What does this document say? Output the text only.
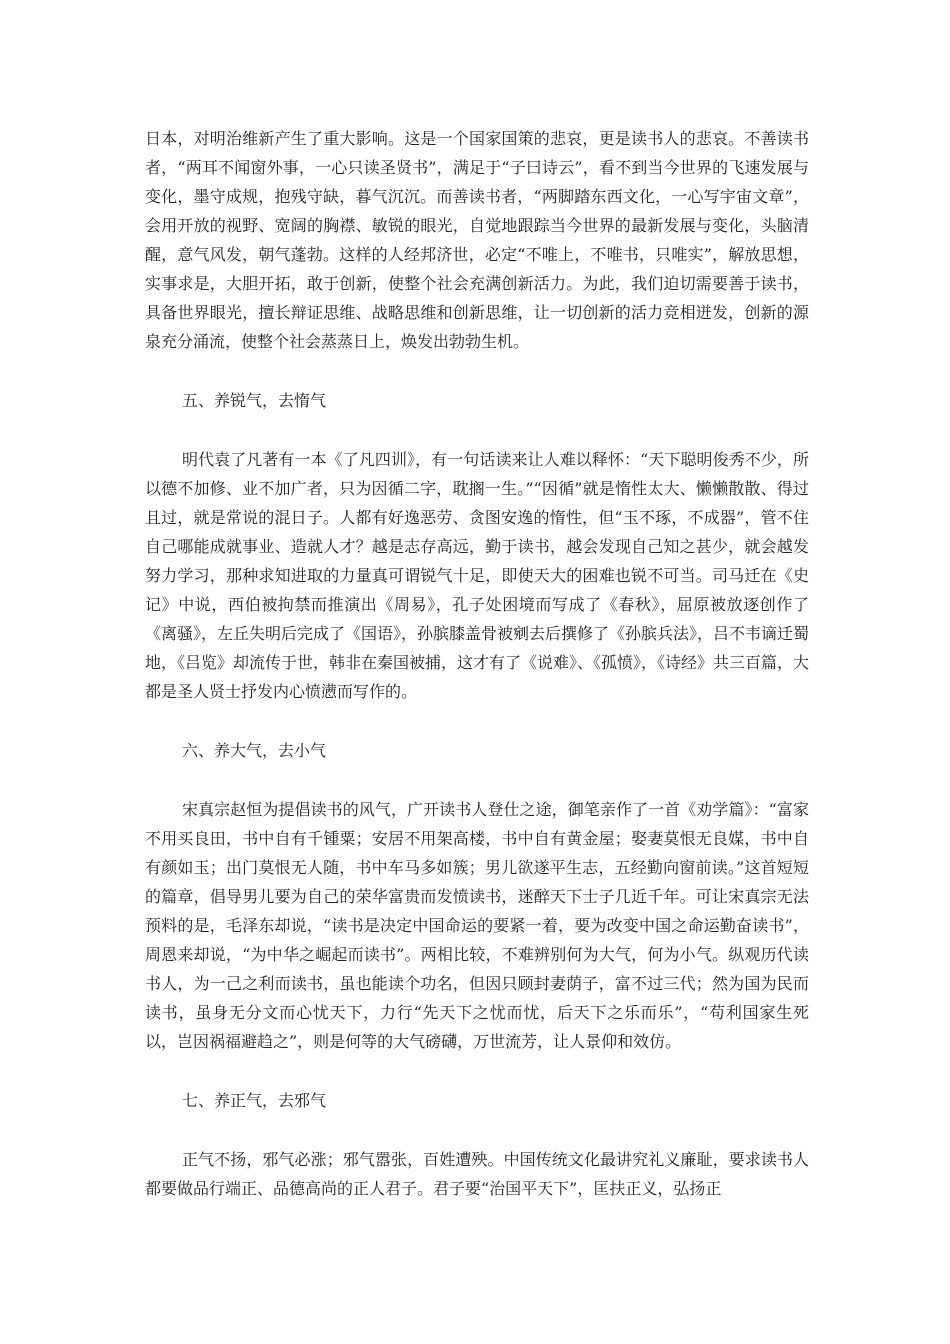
日本，对明治维新产生了重大影响。这是一个国家国策的悲哀，更是读书人的悲哀。不善读书者，“两耳不闻窗外事，一心只读圣贤书”，满足于“子曰诗云”，看不到当今世界的飞速发展与变化，墨守成规，抱残守缺，暮气沉沉。而善读书者，“两脚踏东西文化，一心写宇宙文章”，会用开放的视野、宽阔的胸襟、敏锐的眼光，自觉地跟踪当今世界的最新发展与变化，头脑清醒，意气风发，朝气蓬勃。这样的人经邦济世，必定“不唯上，不唯书，只唯实”，解放思想，实事求是，大胆开拓，敢于创新，使整个社会充满创新活力。为此，我们迫切需要善于读书，具备世界眼光，擅长辩证思维、战略思维和创新思维，让一切创新的活力竞相迸发，创新的源泉充分涌流，使整个社会蒸蒸日上，焕发出勃勃生机。

五、养锐气，去惰气

明代袁了凡著有一本《了凡四训》，有一句话读来让人难以释怀：“天下聪明俊秀不少，所以德不加修、业不加广者，只为因循二字，耽搁一生。”“因循”就是惰性太大、懒懒散散、得过且过，就是常说的混日子。人都有好逸恶劳、贪图安逸的惰性，但“玉不琢，不成器”，管不住自己哪能成就事业、造就人才？越是志存高远，勤于读书，越会发现自己知之甚少，就会越发努力学习，那种求知进取的力量真可谓锐气十足，即使天大的困难也锐不可当。司马迁在《史记》中说，西伯被拘禁而推演出《周易》，孔子处困境而写成了《春秋》，屈原被放逐创作了《离骚》，左丘失明后完成了《国语》，孙膑膝盖骨被剜去后撰修了《孙膑兵法》，吕不韦谪迁蜀地，《吕览》却流传于世，韩非在秦国被捕，这才有了《说难》、《孤愤》，《诗经》共三百篇，大都是圣人贤士抒发内心愤懑而写作的。

六、养大气，去小气

宋真宗赵恒为提倡读书的风气，广开读书人登仕之途，御笔亲作了一首《劝学篇》：“富家不用买良田，书中自有千锺粟；安居不用架高楼，书中自有黄金屋；娶妻莫恨无良媒，书中自有颜如玉；出门莫恨无人随，书中车马多如簇；男儿欲遂平生志，五经勤向窗前读。”这首短短的篇章，倡导男儿要为自己的荣华富贵而发愤读书，迷醉天下士子几近千年。可让宋真宗无法预料的是，毛泽东却说，“读书是决定中国命运的要紧一着，要为改变中国之命运勤奋读书”，周恩来却说，“为中华之崛起而读书”。两相比较，不难辨别何为大气，何为小气。纵观历代读书人，为一己之利而读书，虽也能读个功名，但因只顾封妻荫子，富不过三代；然为国为民而读书，虽身无分文而心忧天下，力行“先天下之忧而忧，后天下之乐而乐”，“苟利国家生死以，岂因祸福避趋之”，则是何等的大气磅礴，万世流芳，让人景仰和效仿。

七、养正气，去邪气

正气不扬，邪气必涨；邪气嚣张，百姓遭殃。中国传统文化最讲究礼义廉耻，要求读书人都要做品行端正、品德高尚的正人君子。君子要“治国平天下”，匡扶正义，弘扬正
